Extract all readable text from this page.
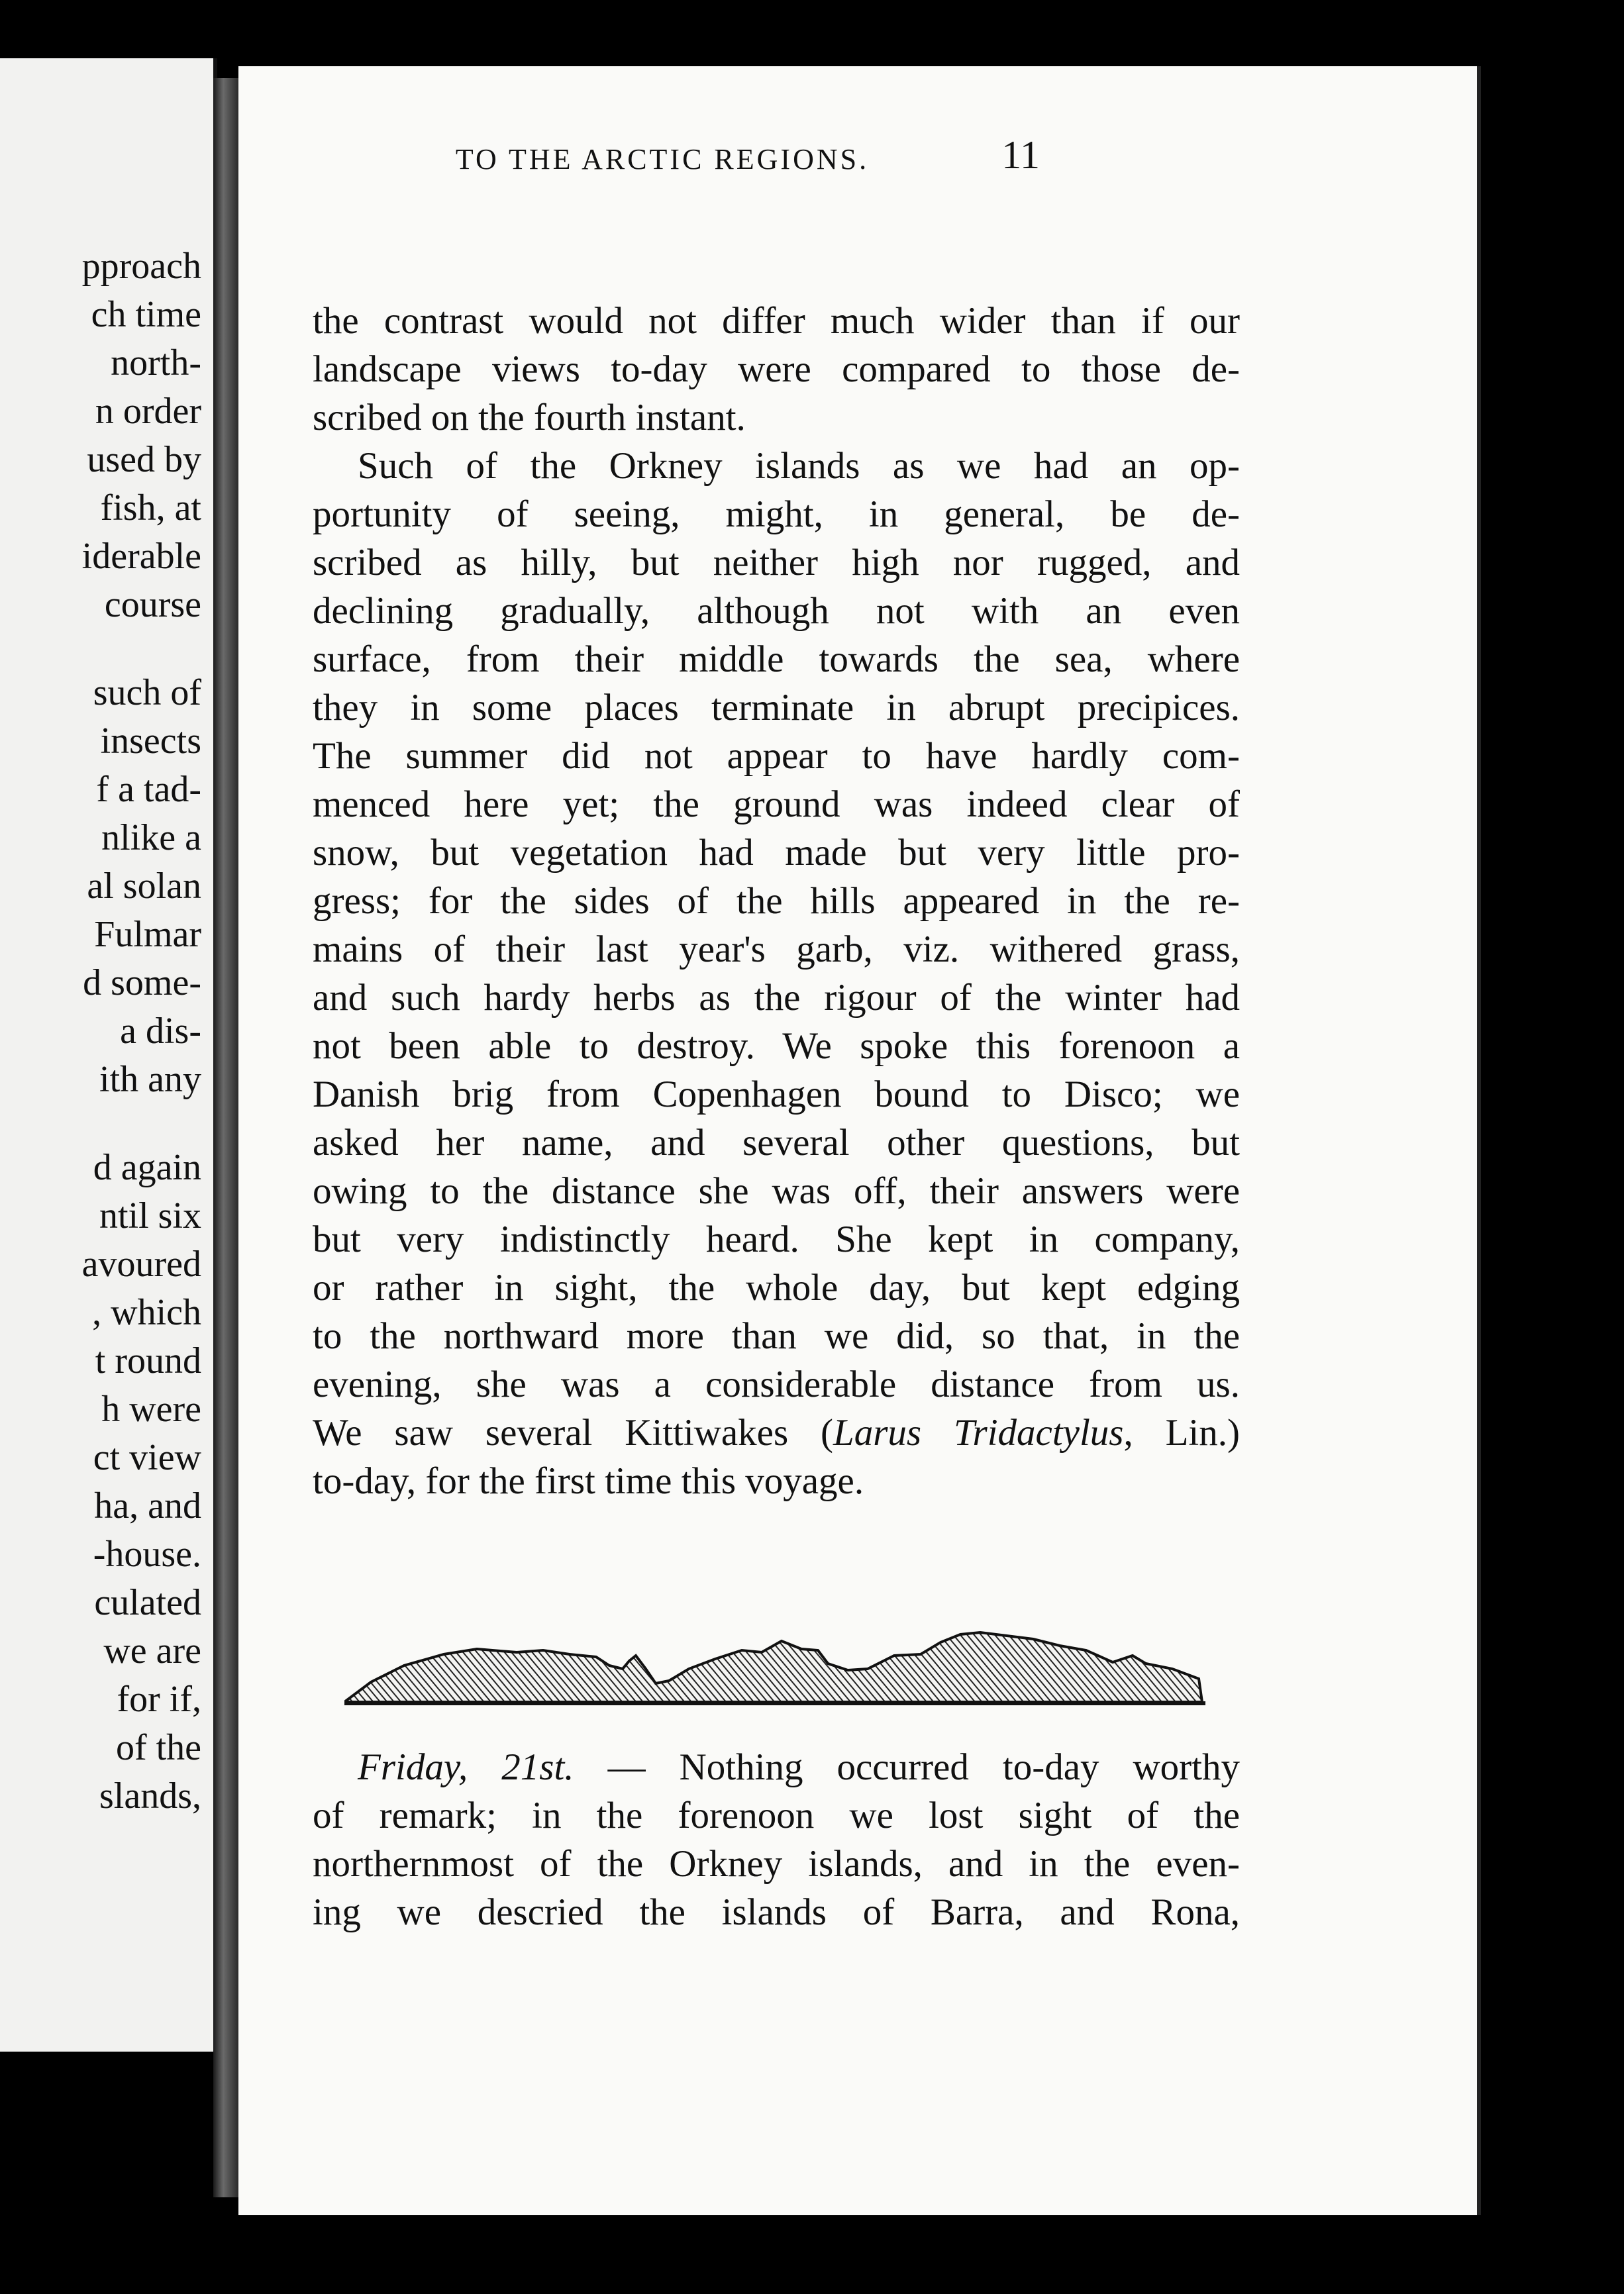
pproach
ch time
north-
n order
used by
fish, at
iderable
course
such of
insects
f a tad-
nlike a
al solan
Fulmar
d some-
a dis-
ith any
d again
ntil six
avoured
, which
t round
h were
ct view
ha, and
-house.
culated
we are
for if,
of the
slands,
TO THE ARCTIC REGIONS.	11
the contrast would not differ much wider than if our
landscape views to-day were compared to those de-
scribed on the fourth instant.
Such of the Orkney islands as we had an op-
portunity of seeing, might, in general, be de-
scribed as hilly, but neither high nor rugged, and
declining gradually, although not with an even
surface, from their middle towards the sea, where
they in some places terminate in abrupt precipices.
The summer did not appear to have hardly com-
menced here yet; the ground was indeed clear of
snow, but vegetation had made but very little pro-
gress; for the sides of the hills appeared in the re-
mains of their last year's garb, viz. withered grass,
and such hardy herbs as the rigour of the winter had
not been able to destroy. We spoke this forenoon a
Danish brig from Copenhagen bound to Disco; we
asked her name, and several other questions, but
owing to the distance she was off, their answers were
but very indistinctly heard. She kept in company,
or rather in sight, the whole day, but kept edging
to the northward more than we did, so that, in the
evening, she was a considerable distance from us.
We saw several Kittiwakes (Larus Tridactylus, Lin.)
to-day, for the first time this voyage.
Friday, 21st. — Nothing occurred to-day worthy
of remark; in the forenoon we lost sight of the
northernmost of the Orkney islands, and in the even-
ing we descried the islands of Barra, and Rona,
